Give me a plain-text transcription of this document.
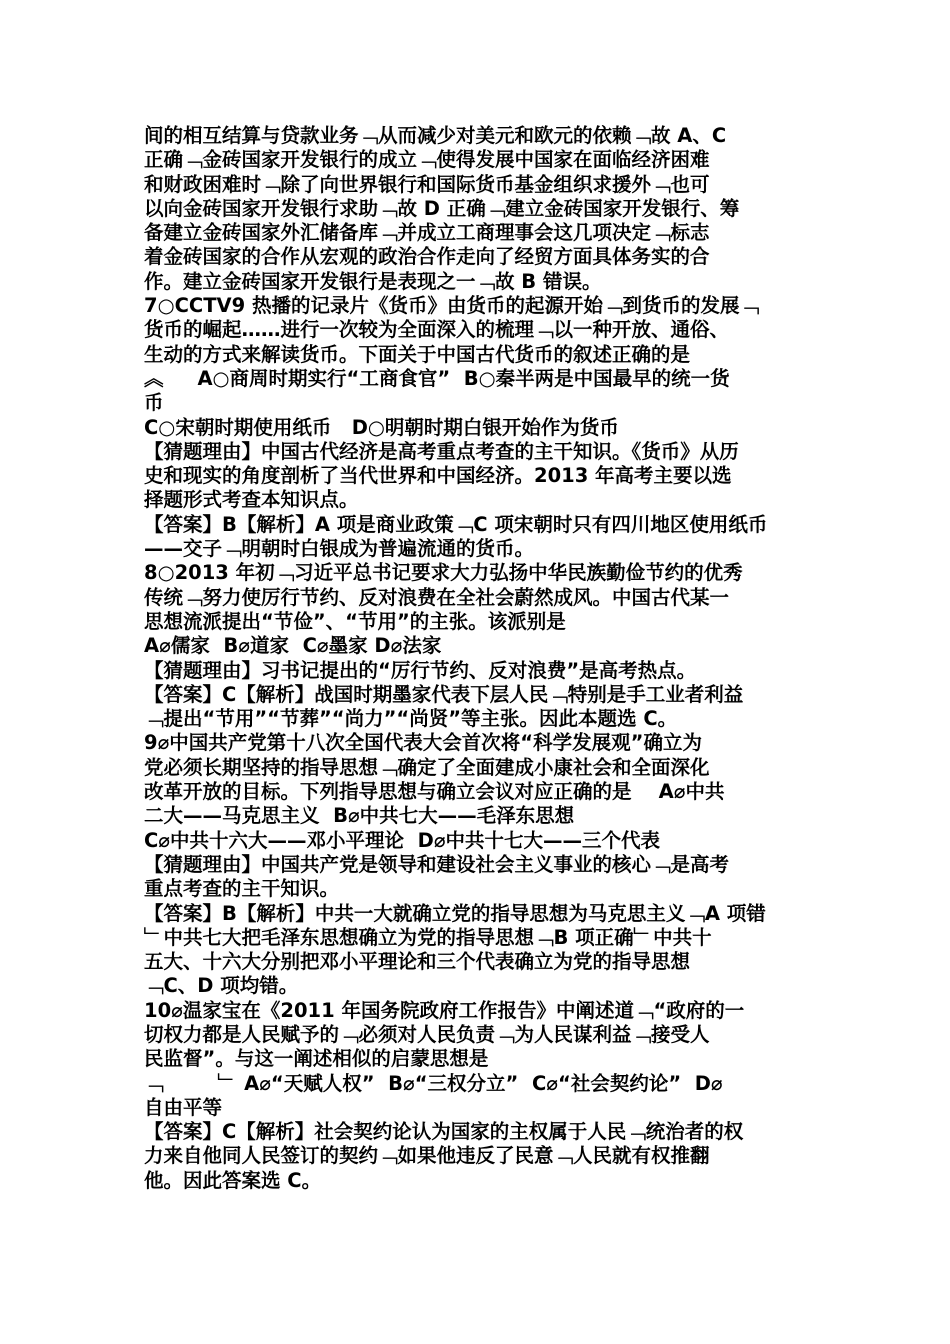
间的相互结算与贷款业务﹁从而减少对美元和欧元的依赖﹁故 A、C
正确﹁金砖国家开发银行的成立﹁使得发展中国家在面临经济困难
和财政困难时﹁除了向世界银行和国际货币基金组织求援外﹁也可
以向金砖国家开发银行求助﹁故 D 正确﹁建立金砖国家开发银行、筹
备建立金砖国家外汇储备库﹁并成立工商理事会这几项决定﹁标志
着金砖国家的合作从宏观的政治合作走向了经贸方面具体务实的合
作。建立金砖国家开发银行是表现之一﹁故 B 错误。
7○CCTV9 热播的记录片《货币》由货币的起源开始﹁到货币的发展﹁
货币的崛起……进行一次较为全面深入的梳理﹁以一种开放、通俗、
生动的方式来解读货币。下面关于中国古代货币的叙述正确的是
︽     A○商周时期实行“工商食官”  B○秦半两是中国最早的统一货
币
C○宋朝时期使用纸币   D○明朝时期白银开始作为货币
【猜题理由】中国古代经济是高考重点考查的主干知识。《货币》从历
史和现实的角度剖析了当代世界和中国经济。2013 年高考主要以选
择题形式考查本知识点。
【答案】B【解析】A 项是商业政策﹁C 项宋朝时只有四川地区使用纸币
——交子﹁明朝时白银成为普遍流通的货币。
8○2013 年初﹁习近平总书记要求大力弘扬中华民族勤俭节约的优秀
传统﹁努力使厉行节约、反对浪费在全社会蔚然成风。中国古代某一
思想流派提出“节俭”、“节用”的主张。该派别是
A⌀儒家  B⌀道家  C⌀墨家 D⌀法家
【猜题理由】习书记提出的“厉行节约、反对浪费”是高考热点。
【答案】C【解析】战国时期墨家代表下层人民﹁特别是手工业者利益
﹁提出“节用”“节葬”“尚力”“尚贤”等主张。因此本题选 C。
9⌀中国共产党第十八次全国代表大会首次将“科学发展观”确立为
党必须长期坚持的指导思想﹁确定了全面建成小康社会和全面深化
改革开放的目标。下列指导思想与确立会议对应正确的是    A⌀中共
二大——马克思主义  B⌀中共七大——毛泽东思想
C⌀中共十六大——邓小平理论  D⌀中共十七大——三个代表
【猜题理由】中国共产党是领导和建设社会主义事业的核心﹁是高考
重点考查的主干知识。
【答案】B【解析】中共一大就确立党的指导思想为马克思主义﹁A 项错
﹂中共七大把毛泽东思想确立为党的指导思想﹁B 项正确﹂中共十
五大、十六大分别把邓小平理论和三个代表确立为党的指导思想
﹁C、D 项均错。
10⌀温家宝在《2011 年国务院政府工作报告》中阐述道﹁“政府的一
切权力都是人民赋予的﹁必须对人民负责﹁为人民谋利益﹁接受人
民监督”。与这一阐述相似的启蒙思想是
﹁        ﹂ A⌀“天赋人权”  B⌀“三权分立”  C⌀“社会契约论”  D⌀
自由平等
【答案】C【解析】社会契约论认为国家的主权属于人民﹁统治者的权
力来自他同人民签订的契约﹁如果他违反了民意﹁人民就有权推翻
他。因此答案选 C。
